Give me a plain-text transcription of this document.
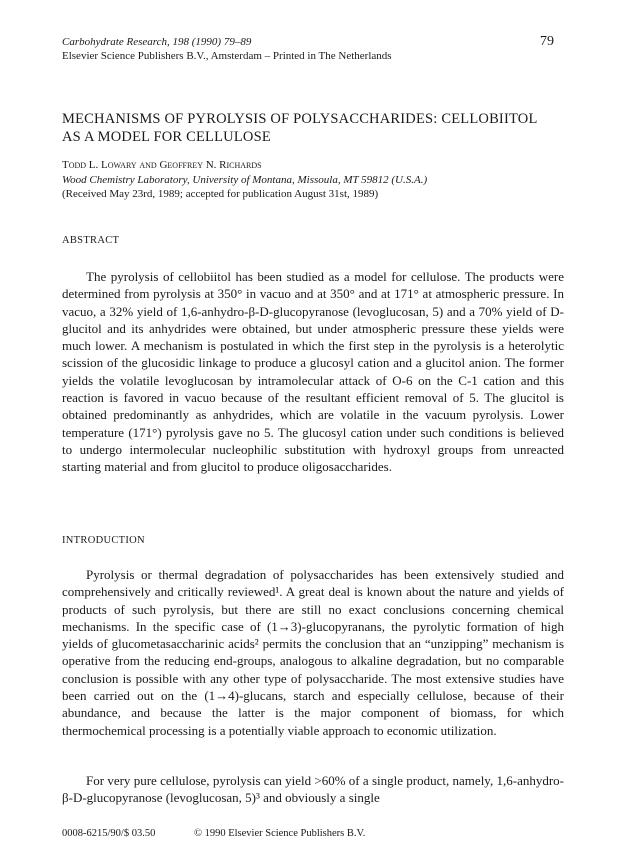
Carbohydrate Research, 198 (1990) 79–89
Elsevier Science Publishers B.V., Amsterdam – Printed in The Netherlands
79
MECHANISMS OF PYROLYSIS OF POLYSACCHARIDES: CELLOBIITOL
AS A MODEL FOR CELLULOSE
Todd L. Lowary and Geoffrey N. Richards
Wood Chemistry Laboratory, University of Montana, Missoula, MT 59812 (U.S.A.)
(Received May 23rd, 1989; accepted for publication August 31st, 1989)
ABSTRACT

The pyrolysis of cellobiitol has been studied as a model for cellulose. The products were determined from pyrolysis at 350° in vacuo and at 350° and at 171° at atmospheric pressure. In vacuo, a 32% yield of 1,6-anhydro-β-D-glucopyranose (levoglucosan, 5) and a 70% yield of D-glucitol and its anhydrides were obtained, but under atmospheric pressure these yields were much lower. A mechanism is postulated in which the first step in the pyrolysis is a heterolytic scission of the glucosidic linkage to produce a glucosyl cation and a glucitol anion. The former yields the volatile levoglucosan by intramolecular attack of O-6 on the C-1 cation and this reaction is favored in vacuo because of the resultant efficient removal of 5. The glucitol is obtained predominantly as anhydrides, which are volatile in the vacuum pyrolysis. Lower temperature (171°) pyrolysis gave no 5. The glucosyl cation under such conditions is believed to undergo intermolecular nucleophilic substitution with hydroxyl groups from unreacted starting material and from glucitol to produce oligosaccharides.

INTRODUCTION

Pyrolysis or thermal degradation of polysaccharides has been extensively studied and comprehensively and critically reviewed¹. A great deal is known about the nature and yields of products of such pyrolysis, but there are still no exact conclusions concerning chemical mechanisms. In the specific case of (1→3)-glucopyranans, the pyrolytic formation of high yields of glucometasaccharinic acids² permits the conclusion that an “unzipping” mechanism is operative from the reducing end-groups, analogous to alkaline degradation, but no comparable conclusion is possible with any other type of polysaccharide. The most extensive studies have been carried out on the (1→4)-glucans, starch and especially cellulose, because of their abundance, and because the latter is the major component of biomass, for which thermochemical processing is a potentially viable approach to economic utilization.

For very pure cellulose, pyrolysis can yield >60% of a single product, namely, 1,6-anhydro-β-D-glucopyranose (levoglucosan, 5)³ and obviously a single

0008-6215/90/$ 03.50	© 1990 Elsevier Science Publishers B.V.
